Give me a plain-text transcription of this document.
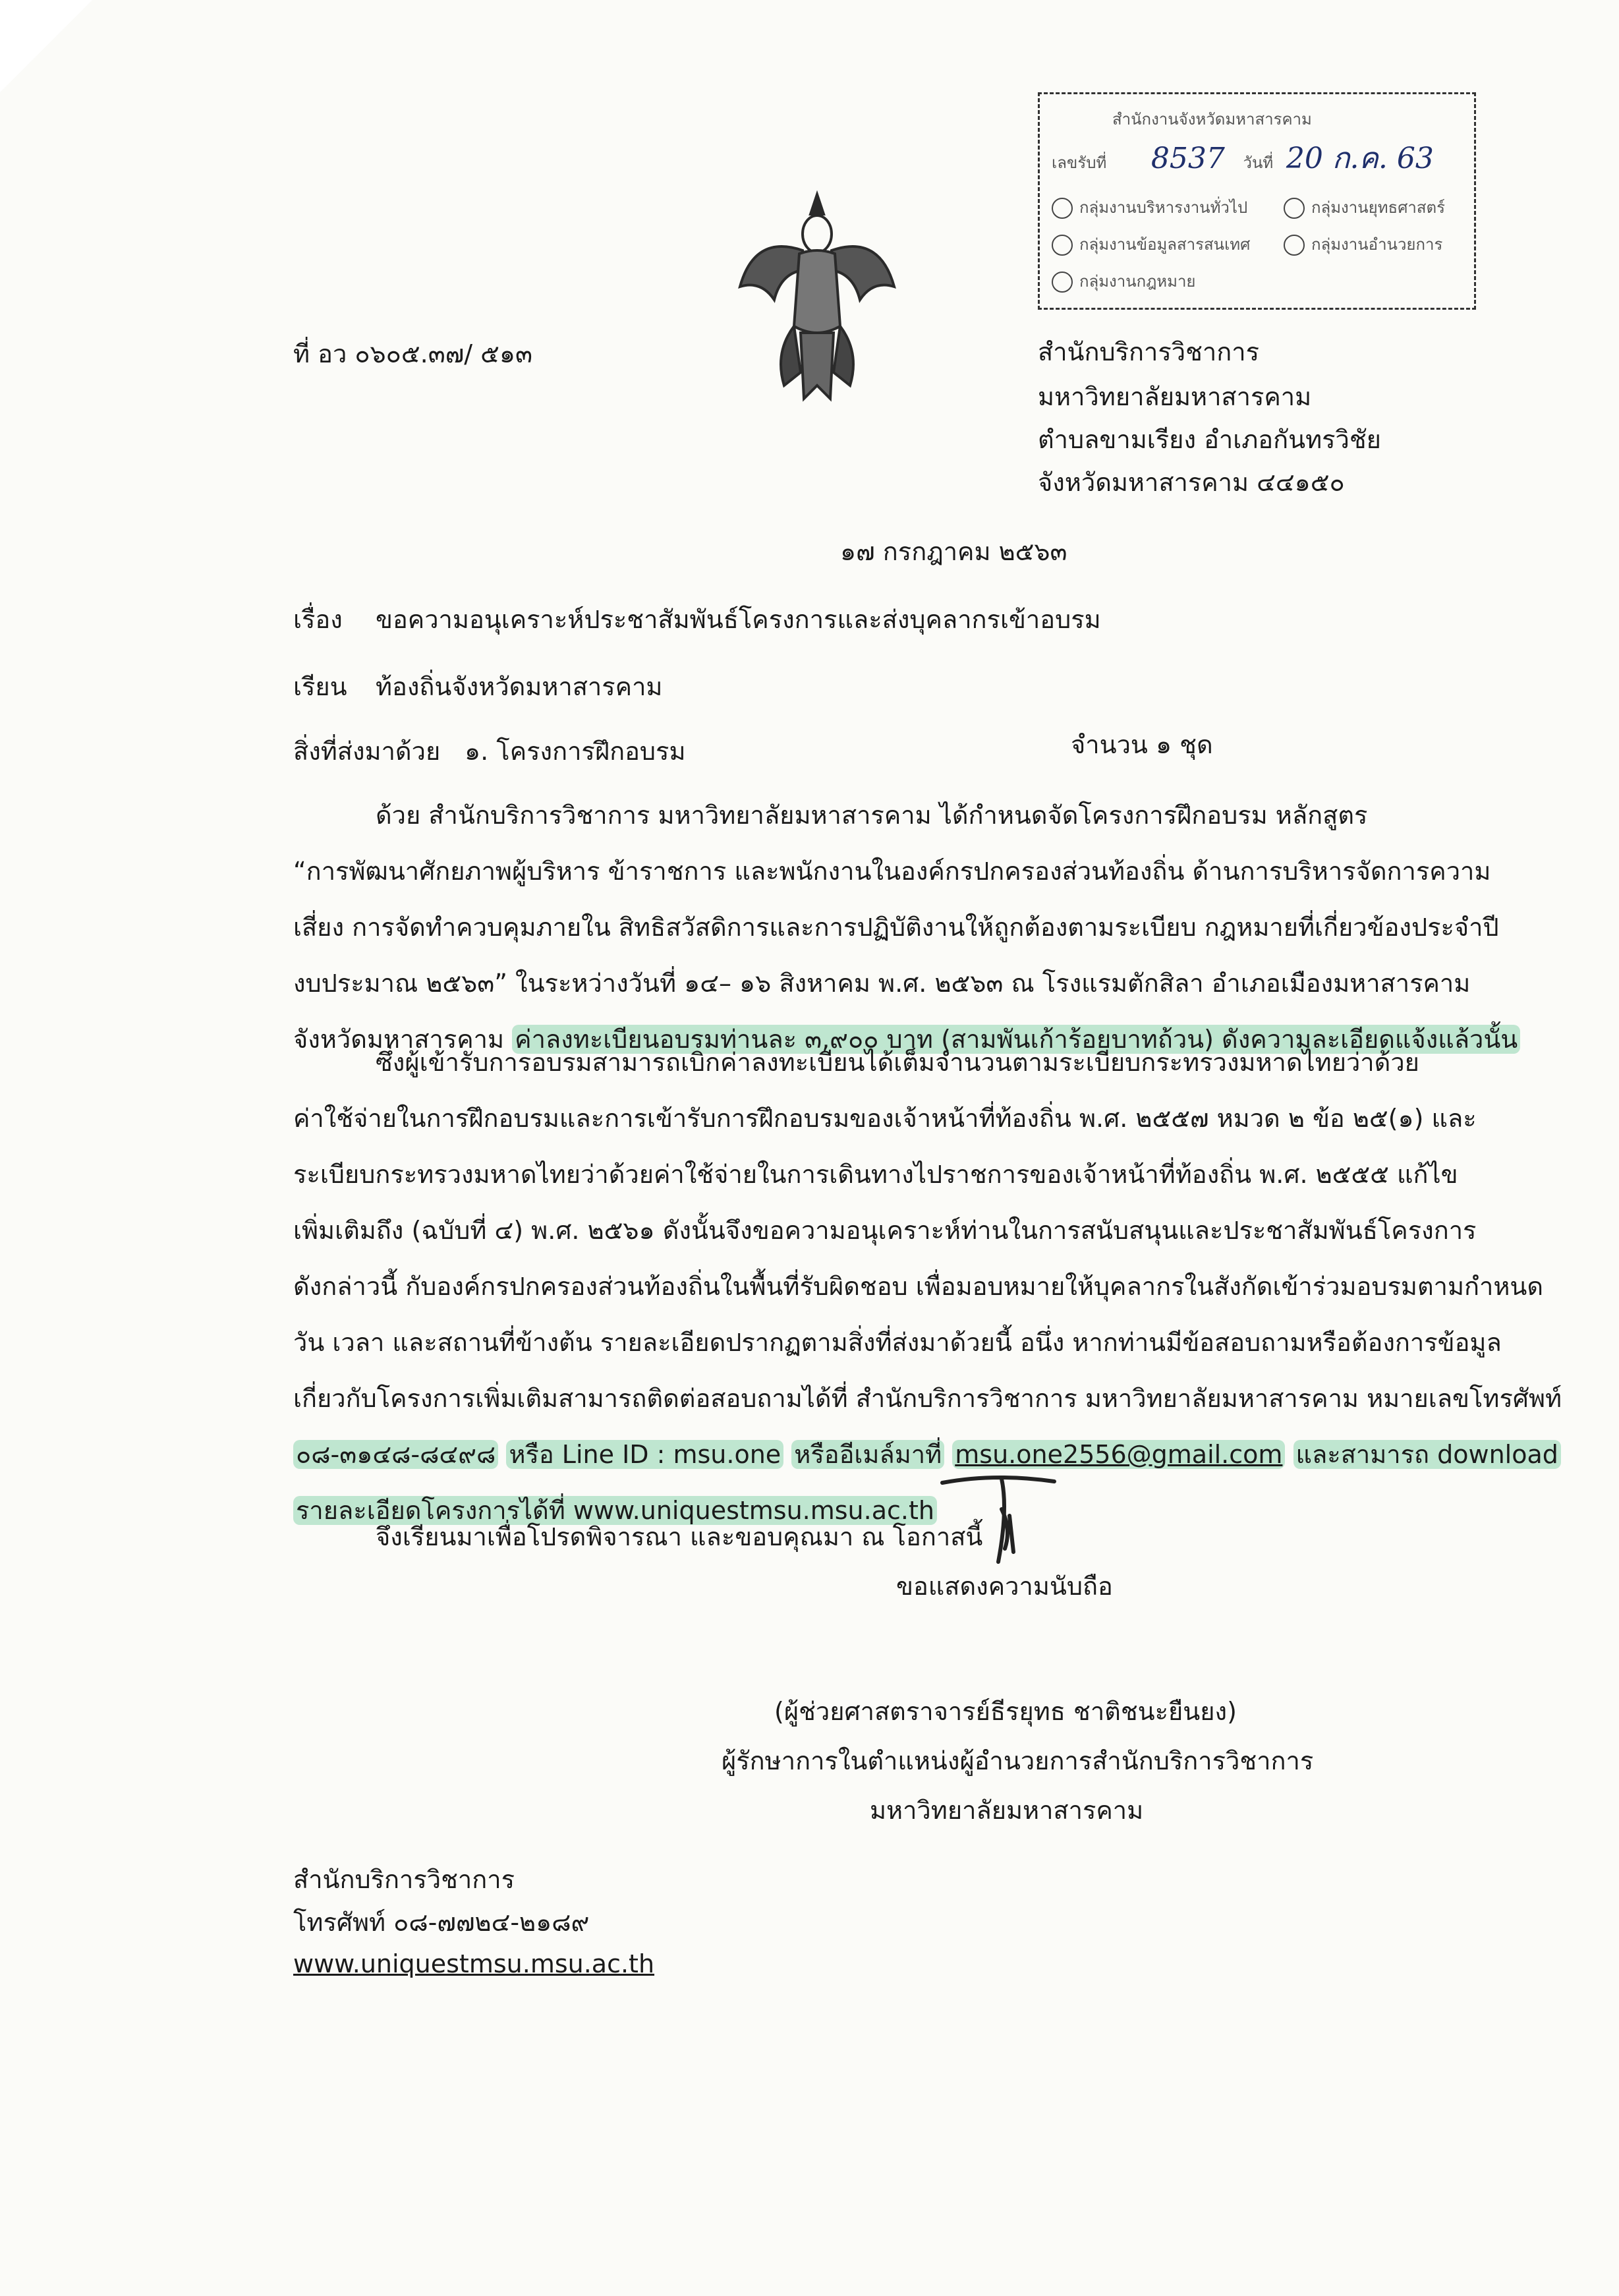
สำนักงานจังหวัดมหาสารคาม
เลขรับที่ 8537 วันที่ 20 ก.ค. 63
กลุ่มงานบริหารงานทั่วไป	กลุ่มงานยุทธศาสตร์
กลุ่มงานข้อมูลสารสนเทศ	กลุ่มงานอำนวยการ
กลุ่มงานกฎหมาย
ที่ อว ๐๖๐๕.๓๗/ ๕๑๓	สำนักบริการวิชาการ
มหาวิทยาลัยมหาสารคาม
ตำบลขามเรียง อำเภอกันทรวิชัย
จังหวัดมหาสารคาม ๔๔๑๕๐
๑๗ กรกฎาคม ๒๕๖๓
เรื่อง ขอความอนุเคราะห์ประชาสัมพันธ์โครงการและส่งบุคลากรเข้าอบรม
เรียน ท้องถิ่นจังหวัดมหาสารคาม
สิ่งที่ส่งมาด้วย ๑. โครงการฝึกอบรม	จำนวน ๑ ชุด
ด้วย สำนักบริการวิชาการ มหาวิทยาลัยมหาสารคาม ได้กำหนดจัดโครงการฝึกอบรม หลักสูตร
“การพัฒนาศักยภาพผู้บริหาร ข้าราชการ และพนักงานในองค์กรปกครองส่วนท้องถิ่น ด้านการบริหารจัดการความ
เสี่ยง การจัดทำควบคุมภายใน สิทธิสวัสดิการและการปฏิบัติงานให้ถูกต้องตามระเบียบ กฎหมายที่เกี่ยวข้องประจำปี
งบประมาณ ๒๕๖๓” ในระหว่างวันที่ ๑๔– ๑๖ สิงหาคม พ.ศ. ๒๕๖๓ ณ โรงแรมตักสิลา อำเภอเมืองมหาสารคาม
จังหวัดมหาสารคาม ค่าลงทะเบียนอบรมท่านละ ๓,๙๐๐ บาท (สามพันเก้าร้อยบาทถ้วน) ดังความละเอียดแจ้งแล้วนั้น
ซึ่งผู้เข้ารับการอบรมสามารถเบิกค่าลงทะเบียนได้เต็มจำนวนตามระเบียบกระทรวงมหาดไทยว่าด้วย
ค่าใช้จ่ายในการฝึกอบรมและการเข้ารับการฝึกอบรมของเจ้าหน้าที่ท้องถิ่น พ.ศ. ๒๕๕๗ หมวด ๒ ข้อ ๒๕(๑) และ
ระเบียบกระทรวงมหาดไทยว่าด้วยค่าใช้จ่ายในการเดินทางไปราชการของเจ้าหน้าที่ท้องถิ่น พ.ศ. ๒๕๕๕ แก้ไข
เพิ่มเติมถึง (ฉบับที่ ๔) พ.ศ. ๒๕๖๑ ดังนั้นจึงขอความอนุเคราะห์ท่านในการสนับสนุนและประชาสัมพันธ์โครงการ
ดังกล่าวนี้ กับองค์กรปกครองส่วนท้องถิ่นในพื้นที่รับผิดชอบ เพื่อมอบหมายให้บุคลากรในสังกัดเข้าร่วมอบรมตามกำหนด
วัน เวลา และสถานที่ข้างต้น รายละเอียดปรากฏตามสิ่งที่ส่งมาด้วยนี้ อนึ่ง หากท่านมีข้อสอบถามหรือต้องการข้อมูล
เกี่ยวกับโครงการเพิ่มเติมสามารถติดต่อสอบถามได้ที่ สำนักบริการวิชาการ มหาวิทยาลัยมหาสารคาม หมายเลขโทรศัพท์
๐๘-๓๑๔๘-๘๔๙๘ หรือ Line ID : msu.one หรืออีเมล์มาที่ msu.one2556@gmail.com และสามารถ download
รายละเอียดโครงการได้ที่ www.uniquestmsu.msu.ac.th
จึงเรียนมาเพื่อโปรดพิจารณา และขอบคุณมา ณ โอกาสนี้
ขอแสดงความนับถือ
(ผู้ช่วยศาสตราจารย์ธีรยุทธ ชาติชนะยืนยง)
ผู้รักษาการในตำแหน่งผู้อำนวยการสำนักบริการวิชาการ
มหาวิทยาลัยมหาสารคาม
สำนักบริการวิชาการ
โทรศัพท์ ๐๘-๗๗๒๔-๒๑๘๙
www.uniquestmsu.msu.ac.th
